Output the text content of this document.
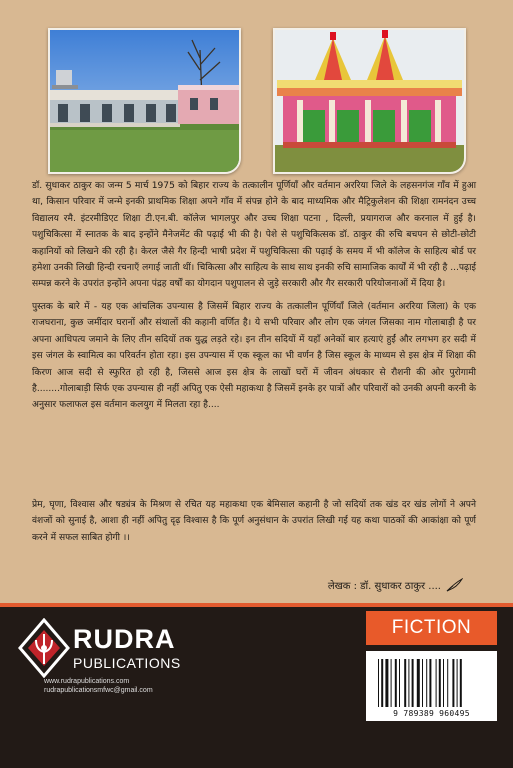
डॉ. सुधाकर ठाकुर का जन्म 5 मार्च 1975 को बिहार राज्य के तत्कालीन पूर्णियाँ और वर्तमान अररिया जिले के लहसनगंज गाँव में हुआ था, किसान परिवार में जन्मे इनकी प्राथमिक शिक्षा अपने गाँव में संपन्न होने के बाद माध्यमिक और मैट्रिकुलेशन की शिक्षा रामनंदन उच्च विद्यालय रमै. इंटरमीडिएट शिक्षा टी.एन.बी. कॉलेज भागलपुर और उच्च शिक्षा पटना , दिल्ली, प्रयागराज और करनाल में हुई है। पशुचिकित्सा में स्नातक के बाद इन्होंने मैनेजमेंट की पढ़ाई भी की है। पेशे से पशुचिकित्सक डॉ. ठाकुर की रुचि बचपन से छोटी-छोटी कहानियों को लिखने की रही है। केरल जैसे गैर हिन्दी भाषी प्रदेश में पशुचिकित्सा की पढ़ाई के समय में भी कॉलेज के साहित्य बोर्ड पर हमेशा उनकी लिखी हिन्दी रचनाएँ लगाई जाती थीं। चिकित्सा और साहित्य के साथ साथ इनकी रुचि सामाजिक कार्यों में भी रही है ...पढ़ाई सम्पन्न करने के उपरांत इन्होंने अपना पंद्रह वर्षों का योगदान पशुपालन से जुड़े सरकारी और गैर सरकारी परियोजनाओं में दिया है।

पुस्तक के बारे में - यह एक आंचलिक उपन्यास है जिसमें बिहार राज्य के तत्कालीन पूर्णियाँ जिले (वर्तमान अररिया जिला) के एक राजघराना, कुछ जमींदार घरानों और संथालों की कहानी वर्णित है। ये सभी परिवार और लोग एक जंगल जिसका नाम गोलाबाड़ी है पर अपना आधिपत्य जमाने के लिए तीन सदियों तक युद्ध लड़ते रहे। इन तीन सदियों में यहाँ अनेकों बार हत्याएं हुईं और लगभग हर सदी में इस जंगल के स्वामित्व का परिवर्तन होता रहा। इस उपन्यास में एक स्कूल का भी वर्णन है जिस स्कूल के माध्यम से इस क्षेत्र में शिक्षा की किरण आज सदी से स्फुरित हो रही है, जिससे आज इस क्षेत्र के लाखों घरों में जीवन अंधकार से रौशनी की ओर पुरोगामी है........गोलाबाड़ी सिर्फ एक उपन्यास ही नहीं अपितु एक ऐसी महाकथा है जिसमें इनके हर पात्रों और परिवारों को उनकी अपनी करनी के अनुसार फलाफल इस वर्तमान कलयुग में मिलता रहा है....

प्रेम, घृणा, विश्वास और षड्यंत्र के मिश्रण से रचित यह महाकथा एक बेमिसाल कहानी है जो सदियों तक खंड दर खंड लोगों ने अपने वंशजों को सुनाई है, आशा ही नहीं अपितु दृढ़ विश्वास है कि पूर्ण अनुसंधान के उपरांत लिखी गई यह कथा पाठकों की आकांक्षा को पूर्ण करने में सफल साबित होगी ।।

लेखक : डॉ. सुधाकर ठाकुर ....
RUDRA
PUBLICATIONS
www.rudrapublications.com
rudrapublicationsmfwc@gmail.com
FICTION
9 789389 960495
